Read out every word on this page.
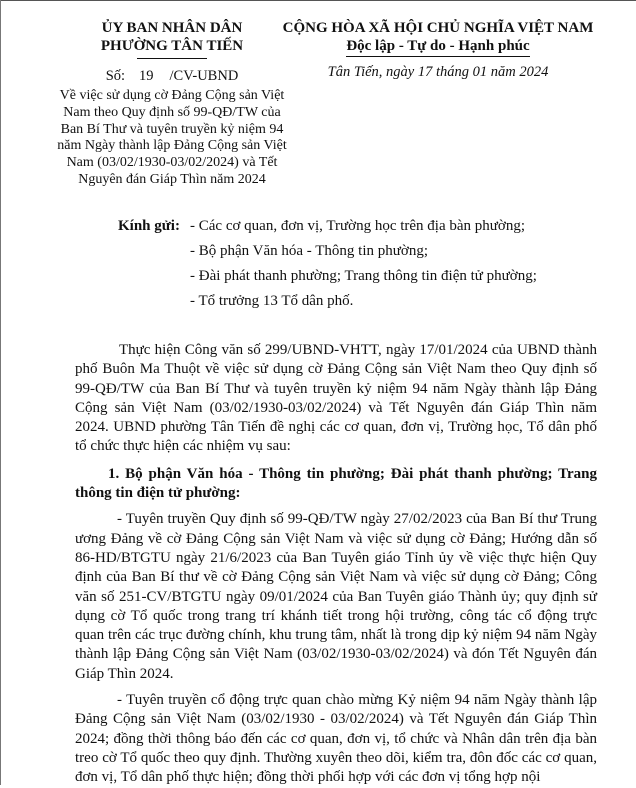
ỦY BAN NHÂN DÂN
PHƯỜNG TÂN TIẾN
Số: 19 /CV-UBND
Về việc sử dụng cờ Đảng Cộng sản Việt Nam theo Quy định số 99-QĐ/TW của Ban Bí Thư và tuyên truyền kỷ niệm 94 năm Ngày thành lập Đảng Cộng sản Việt Nam (03/02/1930-03/02/2024) và Tết Nguyên đán Giáp Thìn năm 2024
CỘNG HÒA XÃ HỘI CHỦ NGHĨA VIỆT NAM
Độc lập - Tự do - Hạnh phúc
Tân Tiến, ngày 17 tháng 01 năm 2024
Kính gửi: - Các cơ quan, đơn vị, Trường học trên địa bàn phường;
- Bộ phận Văn hóa - Thông tin phường;
- Đài phát thanh phường; Trang thông tin điện tử phường;
- Tổ trưởng 13 Tổ dân phố.

Thực hiện Công văn số 299/UBND-VHTT, ngày 17/01/2024 của UBND thành phố Buôn Ma Thuột về việc sử dụng cờ Đảng Cộng sản Việt Nam theo Quy định số 99-QĐ/TW của Ban Bí Thư và tuyên truyền kỷ niệm 94 năm Ngày thành lập Đảng Cộng sản Việt Nam (03/02/1930-03/02/2024) và Tết Nguyên đán Giáp Thìn năm 2024. UBND phường Tân Tiến đề nghị các cơ quan, đơn vị, Trường học, Tổ dân phố tổ chức thực hiện các nhiệm vụ sau:

1. Bộ phận Văn hóa - Thông tin phường; Đài phát thanh phường; Trang thông tin điện tử phường:

- Tuyên truyền Quy định số 99-QĐ/TW ngày 27/02/2023 của Ban Bí thư Trung ương Đảng về cờ Đảng Cộng sản Việt Nam và việc sử dụng cờ Đảng; Hướng dẫn số 86-HD/BTGTU ngày 21/6/2023 của Ban Tuyên giáo Tỉnh ủy về việc thực hiện Quy định của Ban Bí thư về cờ Đảng Cộng sản Việt Nam và việc sử dụng cờ Đảng; Công văn số 251-CV/BTGTU ngày 09/01/2024 của Ban Tuyên giáo Thành ủy; quy định sử dụng cờ Tổ quốc trong trang trí khánh tiết trong hội trường, công tác cổ động trực quan trên các trục đường chính, khu trung tâm, nhất là trong dịp kỷ niệm 94 năm Ngày thành lập Đảng Cộng sản Việt Nam (03/02/1930-03/02/2024) và đón Tết Nguyên đán Giáp Thìn 2024.

- Tuyên truyền cổ động trực quan chào mừng Kỷ niệm 94 năm Ngày thành lập Đảng Cộng sản Việt Nam (03/02/1930 - 03/02/2024) và Tết Nguyên đán Giáp Thìn 2024; đồng thời thông báo đến các cơ quan, đơn vị, tổ chức và Nhân dân trên địa bàn treo cờ Tổ quốc theo quy định. Thường xuyên theo dõi, kiểm tra, đôn đốc các cơ quan, đơn vị, Tổ dân phố thực hiện; đồng thời phối hợp với các đơn vị tổng hợp nội
